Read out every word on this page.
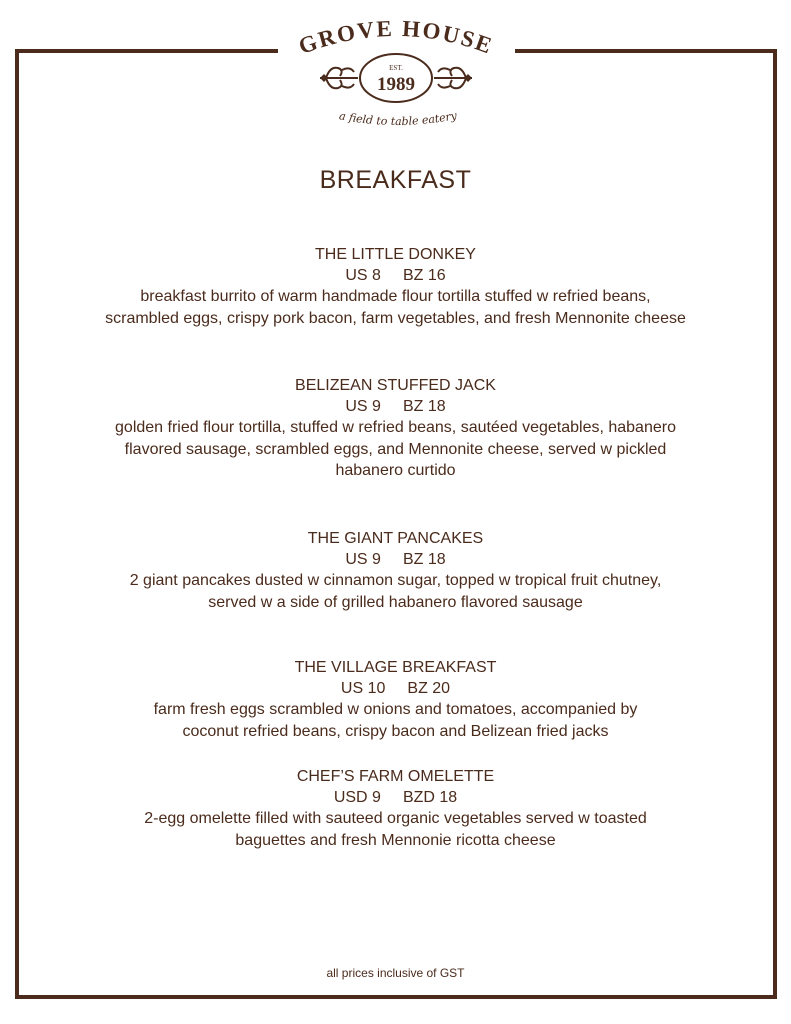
GROVE HOUSE
EST.
1989
a field to table eatery
BREAKFAST
THE LITTLE DONKEY
US 8 BZ 16
breakfast burrito of warm handmade flour tortilla stuffed w refried beans,
scrambled eggs, crispy pork bacon, farm vegetables, and fresh Mennonite cheese
BELIZEAN STUFFED JACK
US 9 BZ 18
golden fried flour tortilla, stuffed w refried beans, sautéed vegetables, habanero
flavored sausage, scrambled eggs, and Mennonite cheese, served w pickled
habanero curtido
THE GIANT PANCAKES
US 9 BZ 18
2 giant pancakes dusted w cinnamon sugar, topped w tropical fruit chutney,
served w a side of grilled habanero flavored sausage
THE VILLAGE BREAKFAST
US 10 BZ 20
farm fresh eggs scrambled w onions and tomatoes, accompanied by
coconut refried beans, crispy bacon and Belizean fried jacks
CHEF’S FARM OMELETTE
USD 9 BZD 18
2-egg omelette filled with sauteed organic vegetables served w toasted
baguettes and fresh Mennonie ricotta cheese
all prices inclusive of GST
